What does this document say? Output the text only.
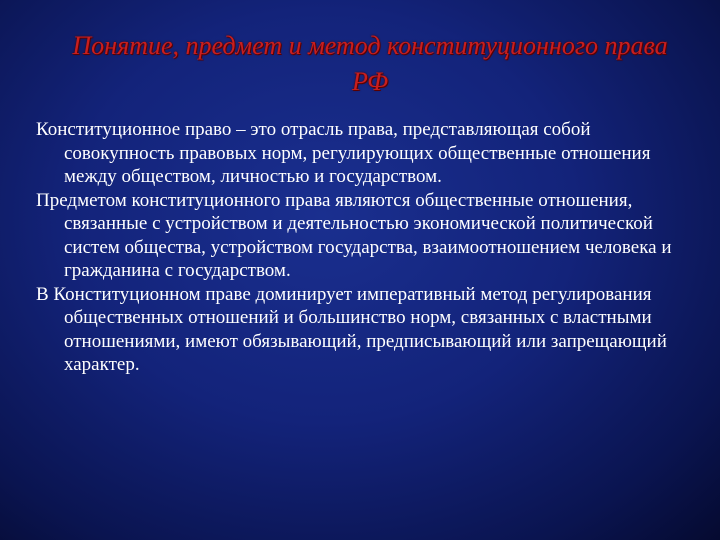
Понятие, предмет и метод конституционного права РФ

Конституционное право – это отрасль права, представляющая собой совокупность правовых норм, регулирующих общественные отношения между обществом, личностью и государством.

Предметом конституционного права являются общественные отношения, связанные с устройством и деятельностью экономической политической систем общества, устройством государства, взаимоотношением человека и гражданина с государством.

В Конституционном праве доминирует императивный метод регулирования общественных отношений и большинство норм, связанных с властными отношениями, имеют обязывающий, предписывающий или запрещающий характер.
